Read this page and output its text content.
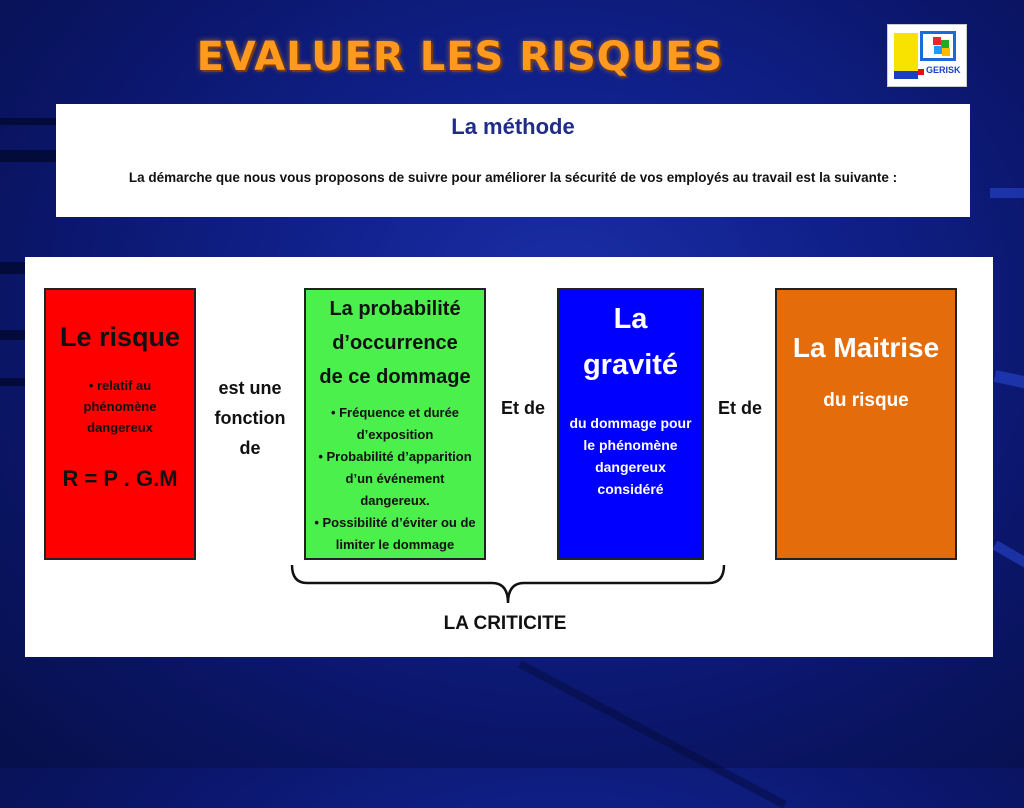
EVALUER LES RISQUES	GERISK
La méthode

La démarche que nous vous proposons de suivre pour améliorer la sécurité de vos employés au travail est la suivante :

Le risque
• relatif au phénomène dangereux
R = P . G.M
est une
fonction
de
La probabilité
d’occurrence
de ce dommage
• Fréquence et durée d’exposition
• Probabilité d’apparition d’un événement dangereux.
• Possibilité d’éviter ou de limiter le dommage
Et de
La
gravité
du dommage pour
le phénomène
dangereux
considéré
Et de
La Maitrise
du risque
LA CRITICITE
